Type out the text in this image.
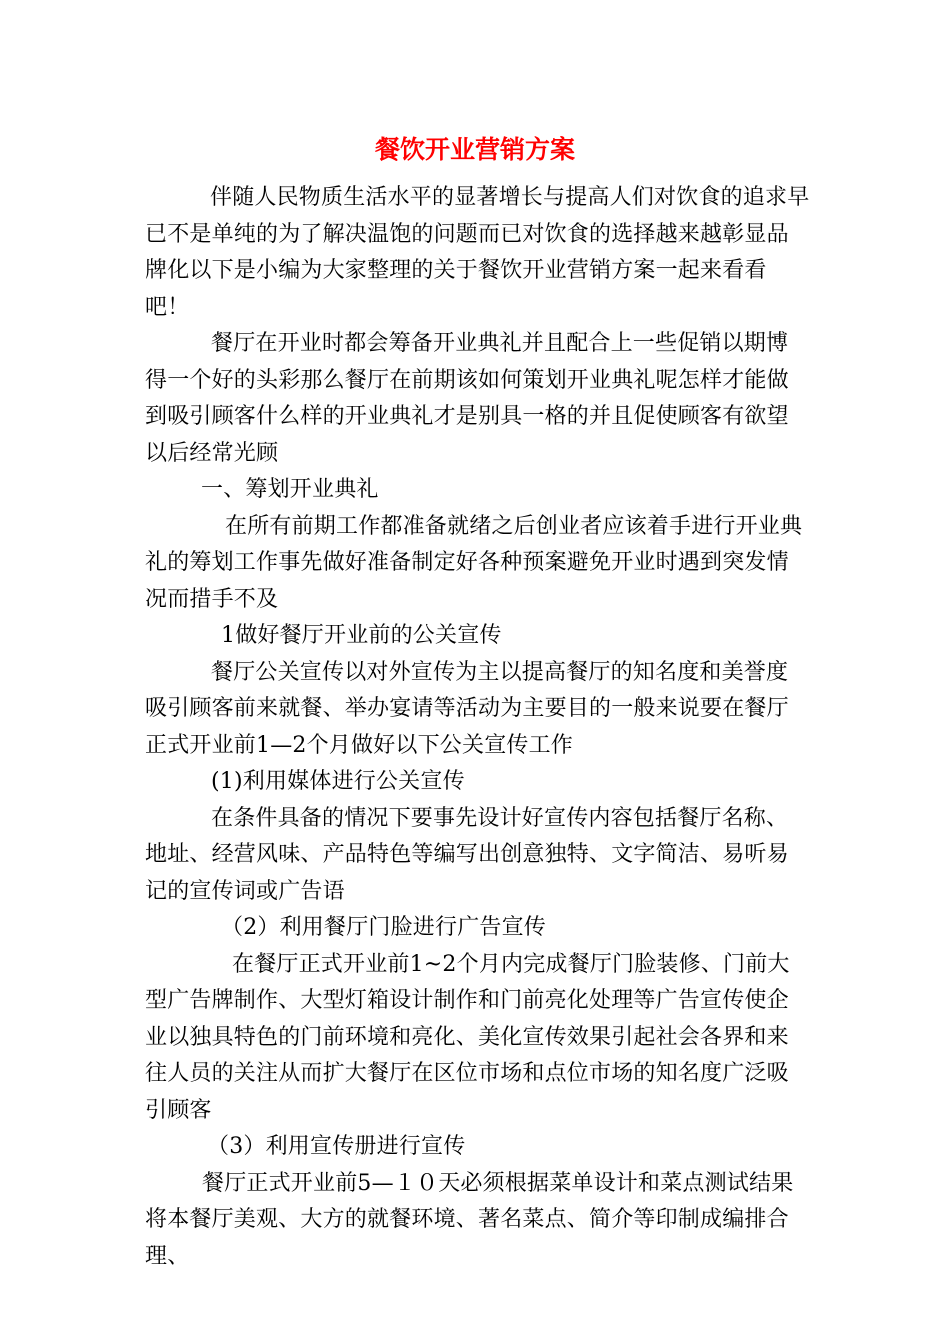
餐饮开业营销方案

伴随人民物质生活水平的显著增长与提高人们对饮食的追求早已不是单纯的为了解决温饱的问题而已对饮食的选择越来越彰显品牌化以下是小编为大家整理的关于餐饮开业营销方案一起来看看吧！

餐厅在开业时都会筹备开业典礼并且配合上一些促销以期博得一个好的头彩那么餐厅在前期该如何策划开业典礼呢怎样才能做到吸引顾客什么样的开业典礼才是别具一格的并且促使顾客有欲望以后经常光顾

一、筹划开业典礼

在所有前期工作都准备就绪之后创业者应该着手进行开业典礼的筹划工作事先做好准备制定好各种预案避免开业时遇到突发情况而措手不及

1做好餐厅开业前的公关宣传

餐厅公关宣传以对外宣传为主以提高餐厅的知名度和美誉度吸引顾客前来就餐、举办宴请等活动为主要目的一般来说要在餐厅正式开业前1—2个月做好以下公关宣传工作

(1)利用媒体进行公关宣传

在条件具备的情况下要事先设计好宣传内容包括餐厅名称、地址、经营风味、产品特色等编写出创意独特、文字简洁、易听易记的宣传词或广告语

（2）利用餐厅门脸进行广告宣传

在餐厅正式开业前1~2个月内完成餐厅门脸装修、门前大型广告牌制作、大型灯箱设计制作和门前亮化处理等广告宣传使企业以独具特色的门前环境和亮化、美化宣传效果引起社会各界和来往人员的关注从而扩大餐厅在区位市场和点位市场的知名度广泛吸引顾客

（3）利用宣传册进行宣传

餐厅正式开业前5—１０天必须根据菜单设计和菜点测试结果将本餐厅美观、大方的就餐环境、著名菜点、简介等印制成编排合理、
